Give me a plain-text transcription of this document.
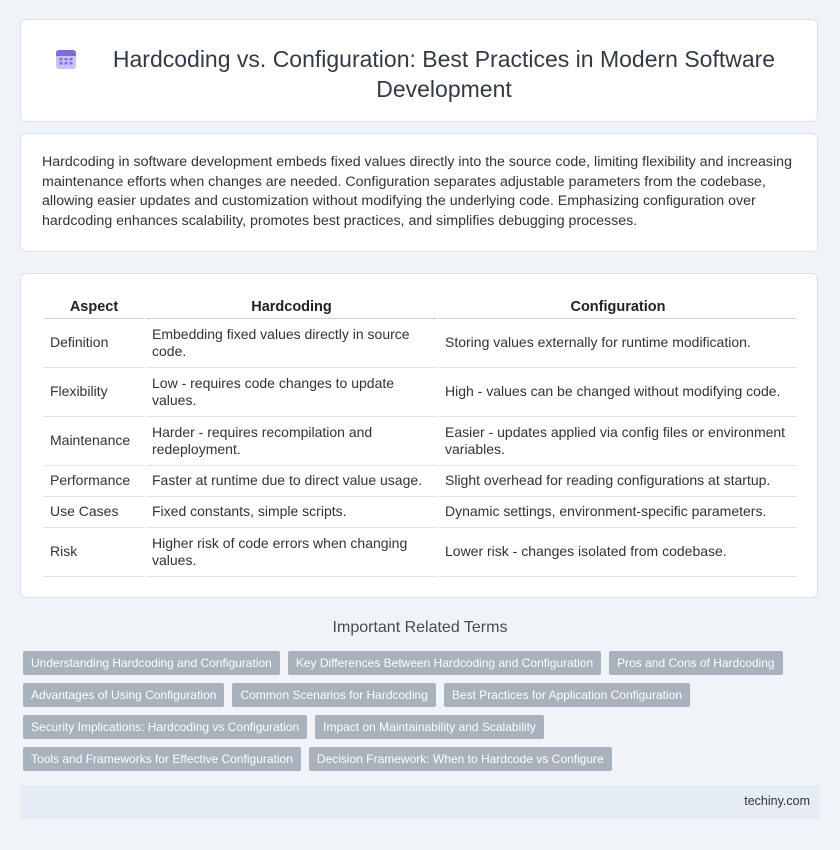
Hardcoding vs. Configuration: Best Practices in Modern Software Development
Hardcoding in software development embeds fixed values directly into the source code, limiting flexibility and increasing maintenance efforts when changes are needed. Configuration separates adjustable parameters from the codebase, allowing easier updates and customization without modifying the underlying code. Emphasizing configuration over hardcoding enhances scalability, promotes best practices, and simplifies debugging processes.
Aspect	Hardcoding	Configuration
Definition	Embedding fixed values directly in source code.	Storing values externally for runtime modification.
Flexibility	Low - requires code changes to update values.	High - values can be changed without modifying code.
Maintenance	Harder - requires recompilation and redeployment.	Easier - updates applied via config files or environment variables.
Performance	Faster at runtime due to direct value usage.	Slight overhead for reading configurations at startup.
Use Cases	Fixed constants, simple scripts.	Dynamic settings, environment-specific parameters.
Risk	Higher risk of code errors when changing values.	Lower risk - changes isolated from codebase.
Important Related Terms
Understanding Hardcoding and Configuration	Key Differences Between Hardcoding and Configuration	Pros and Cons of Hardcoding
Advantages of Using Configuration	Common Scenarios for Hardcoding	Best Practices for Application Configuration
Security Implications: Hardcoding vs Configuration	Impact on Maintainability and Scalability
Tools and Frameworks for Effective Configuration	Decision Framework: When to Hardcode vs Configure
techiny.com
